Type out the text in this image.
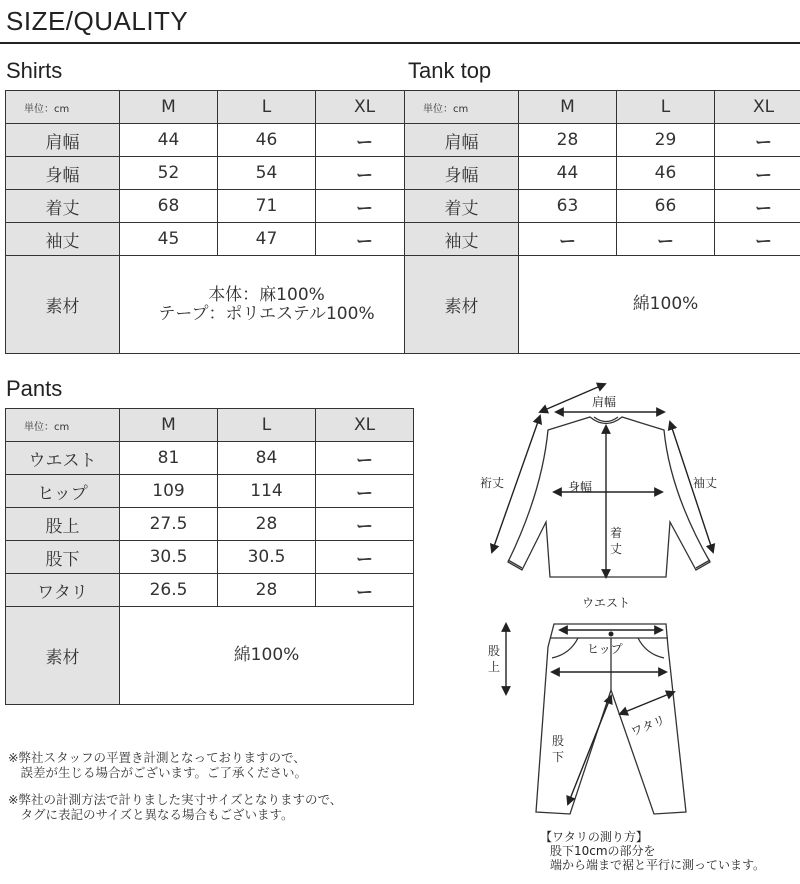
SIZE/QUALITY
Shirts
単位：cm	M	L	XL
肩幅	44	46	ー
身幅	52	54	ー
着丈	68	71	ー
袖丈	45	47	ー
素材	本体：麻100%
テープ：ポリエステル100%		
Tank top
単位：cm	M	L	XL
肩幅	28	29	ー
身幅	44	46	ー
着丈	63	66	ー
袖丈	ー	ー	ー
素材	綿100%		
Pants
単位：cm	M	L	XL
ウエスト	81	84	ー
ヒップ	109	114	ー
股上	27.5	28	ー
股下	30.5	30.5	ー
ワタリ	26.5	28	ー
素材	綿100%		
※弊社スタッフの平置き計測となっておりますので、
　誤差が生じる場合がございます。ご了承ください。
※弊社の計測方法で計りました実寸サイズとなりますので、
　タグに表記のサイズと異なる場合もございます。
肩幅
裄丈	袖丈
身幅
着
丈
ウエスト
ヒップ
股
上
股
下
ワタリ
【ワタリの測り方】
股下10cmの部分を
端から端まで裾と平行に測っています。
